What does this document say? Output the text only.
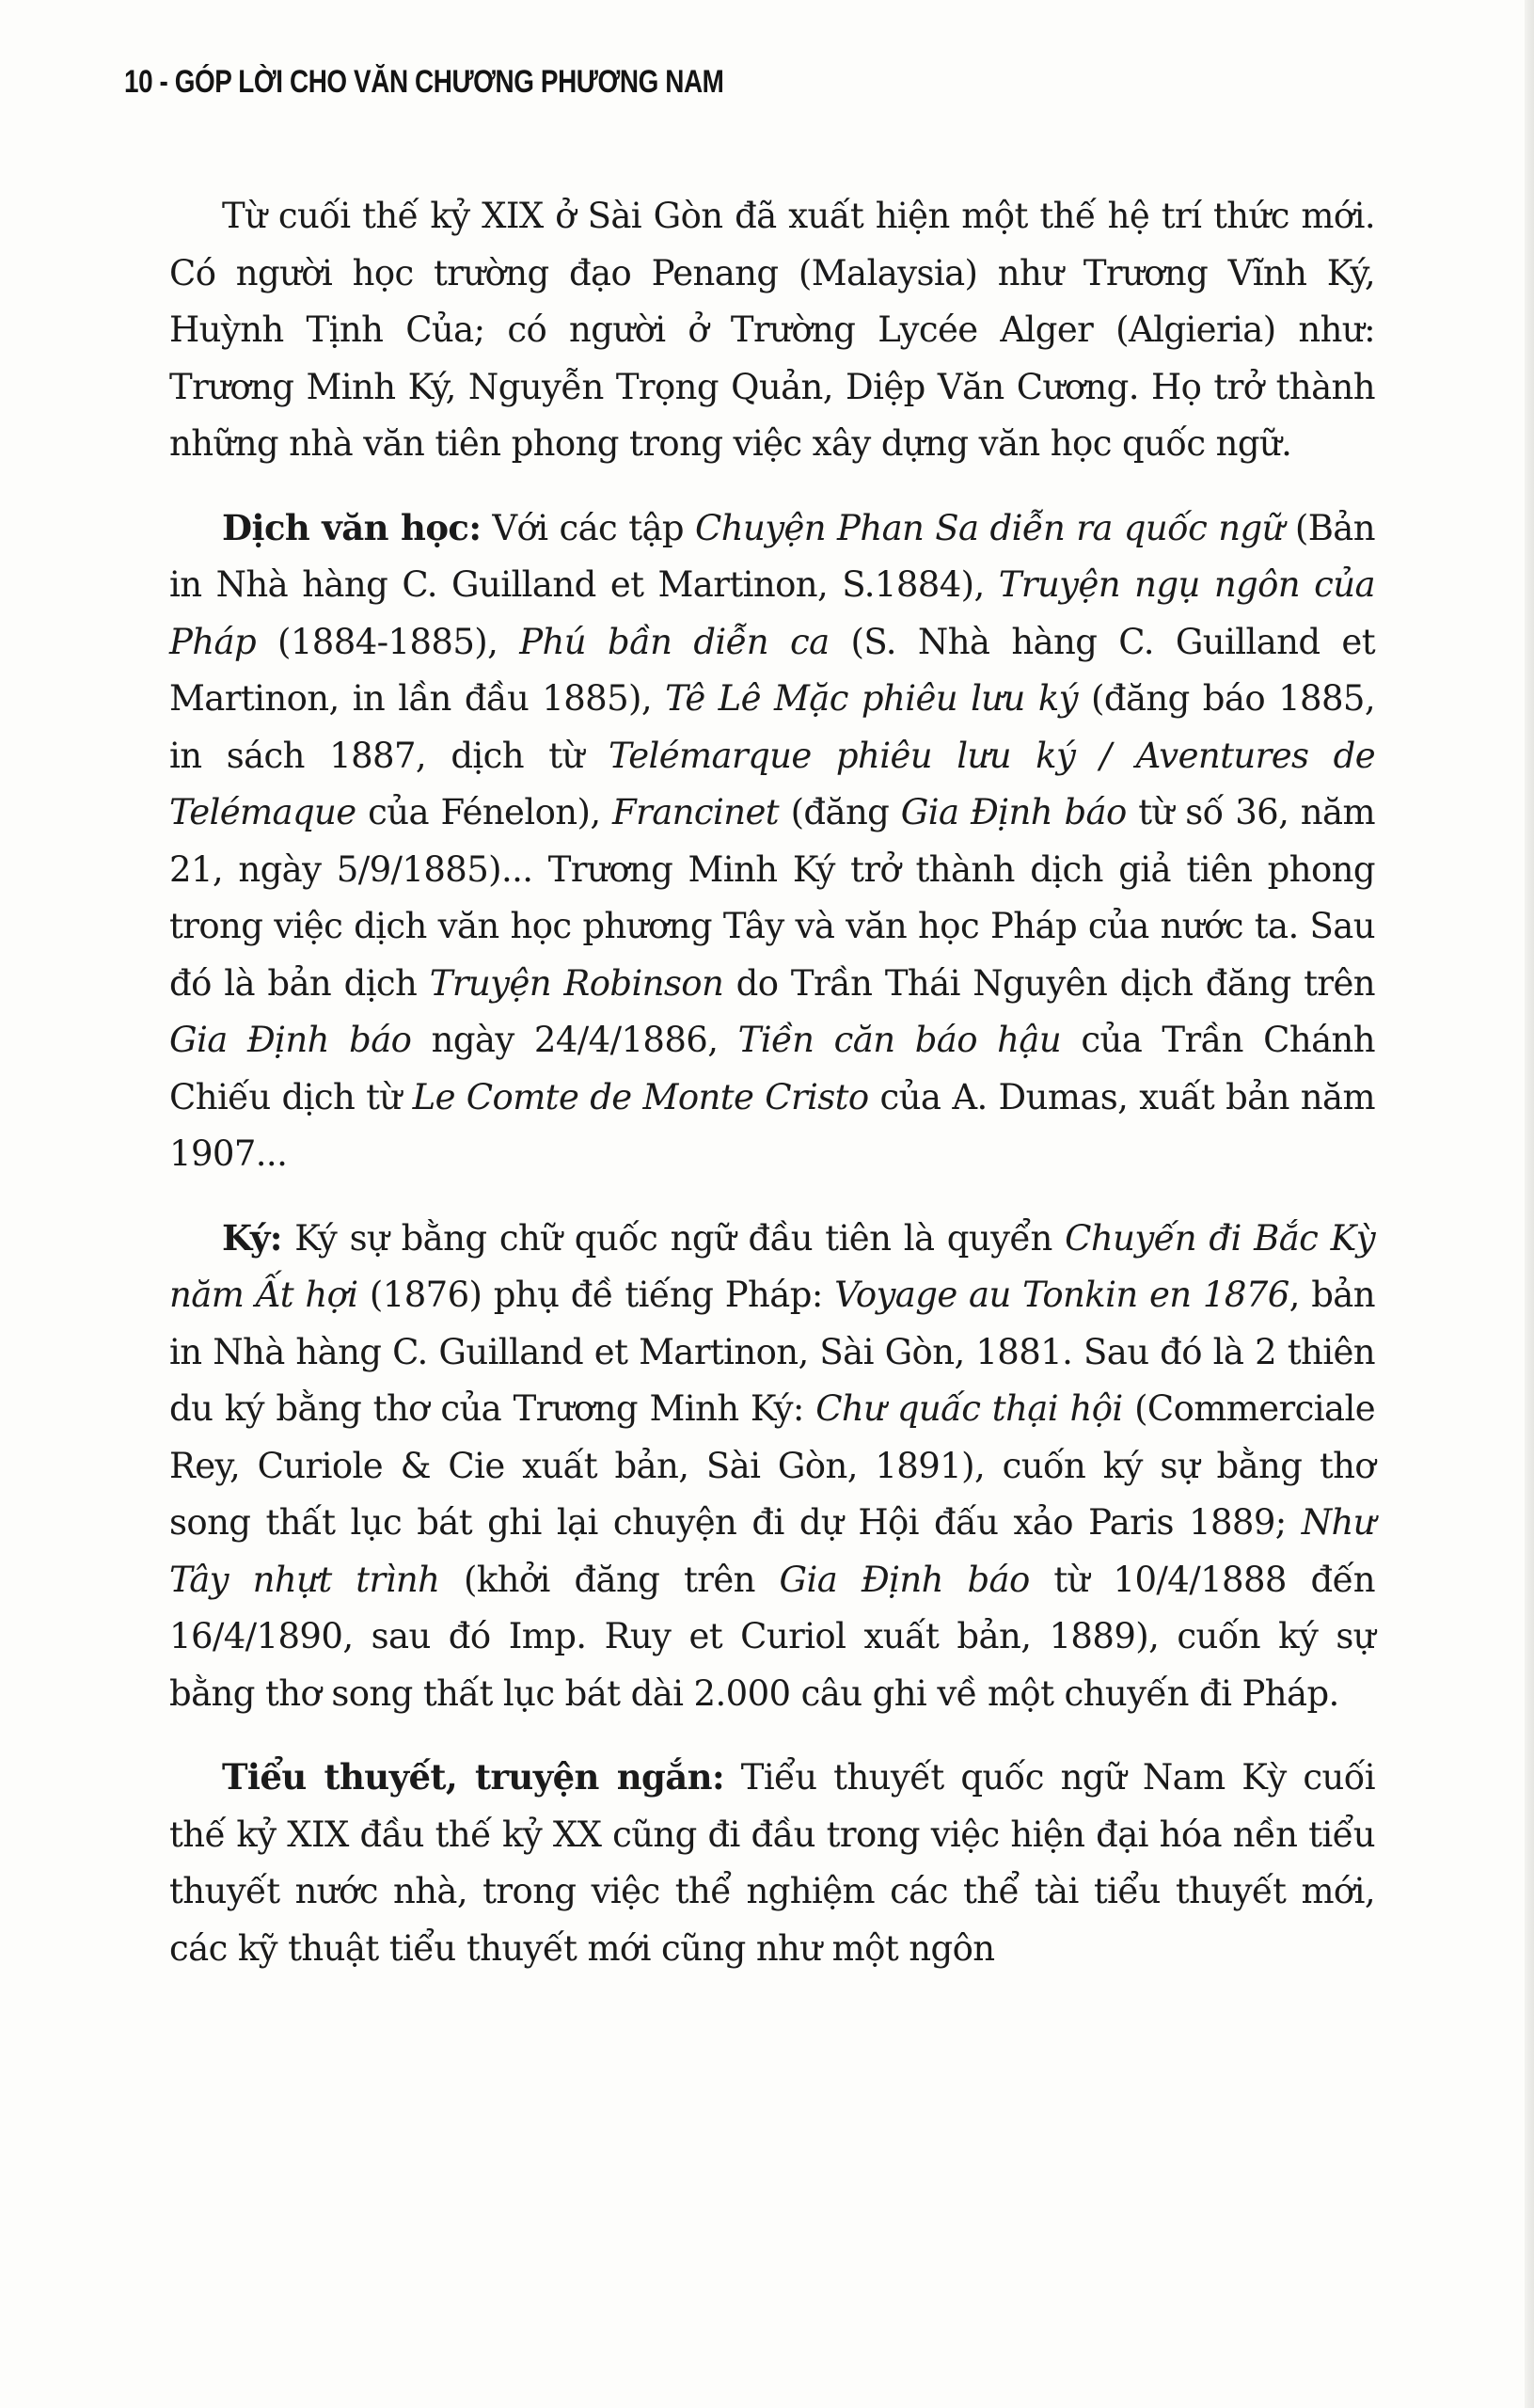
10 - GÓP LỜI CHO VĂN CHƯƠNG PHƯƠNG NAM

Từ cuối thế kỷ XIX ở Sài Gòn đã xuất hiện một thế hệ trí thức mới. Có người học trường đạo Penang (Malaysia) như Trương Vĩnh Ký, Huỳnh Tịnh Của; có người ở Trường Lycée Alger (Algieria) như: Trương Minh Ký, Nguyễn Trọng Quản, Diệp Văn Cương. Họ trở thành những nhà văn tiên phong trong việc xây dựng văn học quốc ngữ.

Dịch văn học: Với các tập Chuyện Phan Sa diễn ra quốc ngữ (Bản in Nhà hàng C. Guilland et Martinon, S.1884), Truyện ngụ ngôn của Pháp (1884-1885), Phú bần diễn ca (S. Nhà hàng C. Guilland et Martinon, in lần đầu 1885), Tê Lê Mặc phiêu lưu ký (đăng báo 1885, in sách 1887, dịch từ Telémarque phiêu lưu ký / Aventures de Telémaque của Fénelon), Francinet (đăng Gia Định báo từ số 36, năm 21, ngày 5/9/1885)... Trương Minh Ký trở thành dịch giả tiên phong trong việc dịch văn học phương Tây và văn học Pháp của nước ta. Sau đó là bản dịch Truyện Robinson do Trần Thái Nguyên dịch đăng trên Gia Định báo ngày 24/4/1886, Tiền căn báo hậu của Trần Chánh Chiếu dịch từ Le Comte de Monte Cristo của A. Dumas, xuất bản năm 1907...

Ký: Ký sự bằng chữ quốc ngữ đầu tiên là quyển Chuyến đi Bắc Kỳ năm Ất hợi (1876) phụ đề tiếng Pháp: Voyage au Tonkin en 1876, bản in Nhà hàng C. Guilland et Martinon, Sài Gòn, 1881. Sau đó là 2 thiên du ký bằng thơ của Trương Minh Ký: Chư quấc thại hội (Commerciale Rey, Curiole & Cie xuất bản, Sài Gòn, 1891), cuốn ký sự bằng thơ song thất lục bát ghi lại chuyện đi dự Hội đấu xảo Paris 1889; Như Tây nhựt trình (khởi đăng trên Gia Định báo từ 10/4/1888 đến 16/4/1890, sau đó Imp. Ruy et Curiol xuất bản, 1889), cuốn ký sự bằng thơ song thất lục bát dài 2.000 câu ghi về một chuyến đi Pháp.

Tiểu thuyết, truyện ngắn: Tiểu thuyết quốc ngữ Nam Kỳ cuối thế kỷ XIX đầu thế kỷ XX cũng đi đầu trong việc hiện đại hóa nền tiểu thuyết nước nhà, trong việc thể nghiệm các thể tài tiểu thuyết mới, các kỹ thuật tiểu thuyết mới cũng như một ngôn
